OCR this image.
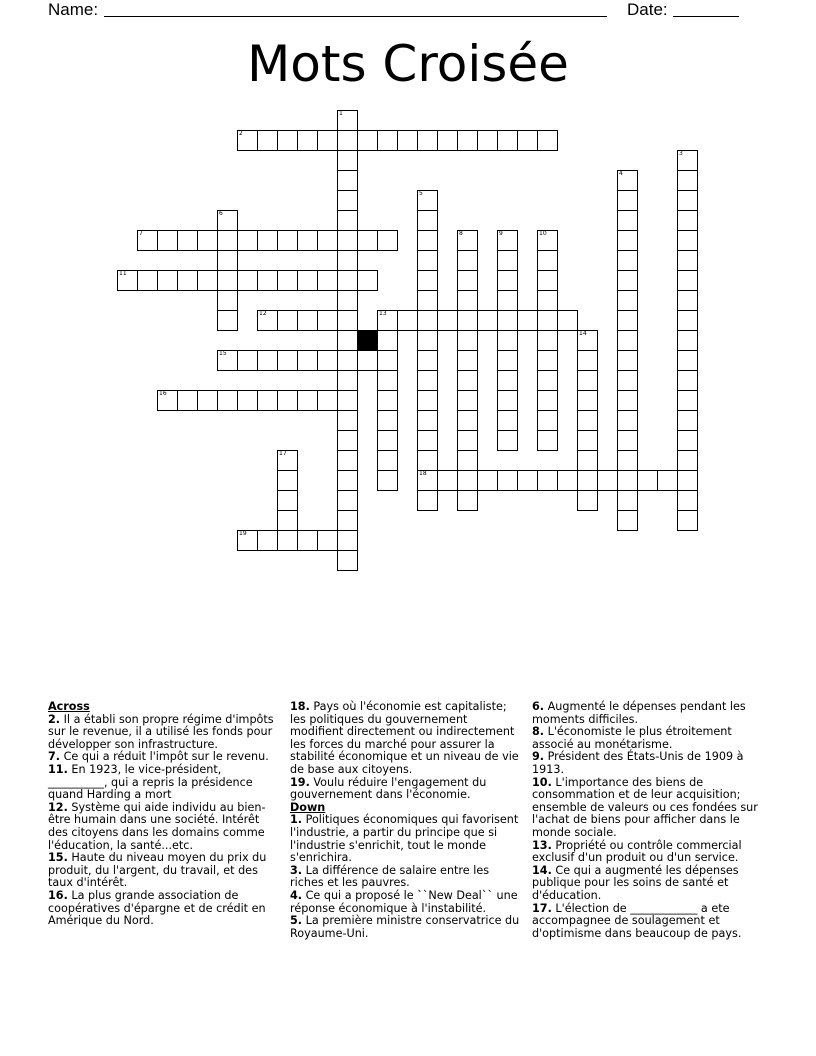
Name:	Date:
Mots Croisée
1
2
3
4
5
6
7	8	9	10
11
12	13
14
15
16
17
18
19
Across

2. Il a établi son propre régime d'impôts sur le revenue, il a utilisé les fonds pour développer son infrastructure.

7. Ce qui a réduit l'impôt sur le revenu.

11. En 1923, le vice-président, __________, qui a repris la présidence quand Harding a mort

12. Système qui aide individu au bien-être humain dans une société. Intérêt des citoyens dans les domains comme l'éducation, la santé...etc.

15. Haute du niveau moyen du prix du produit, du l'argent, du travail, et des taux d'intérêt.

16. La plus grande association de coopératives d'épargne et de crédit en Amérique du Nord.

18. Pays où l'économie est capitaliste; les politiques du gouvernement modifient directement ou indirectement les forces du marché pour assurer la stabilité économique et un niveau de vie de base aux citoyens.

19. Voulu réduire l'engagement du gouvernement dans l'économie.

Down

1. Politiques économiques qui favorisent l'industrie, a partir du principe que si l'industrie s'enrichit, tout le monde s'enrichira.

3. La différence de salaire entre les riches et les pauvres.

4. Ce qui a proposé le ``New Deal`` une réponse économique à l'instabilité.

5. La première ministre conservatrice du Royaume-Uni.

6. Augmenté le dépenses pendant les moments difficiles.

8. L'économiste le plus étroitement associé au monétarisme.

9. Président des États-Unis de 1909 à 1913.

10. L'importance des biens de consommation et de leur acquisition; ensemble de valeurs ou ces fondées sur l'achat de biens pour afficher dans le monde sociale.

13. Propriété ou contrôle commercial exclusif d'un produit ou d'un service.

14. Ce qui a augmenté les dépenses publique pour les soins de santé et d'éducation.

17. L'élection de ____________ a ete accompagnee de soulagement et d'optimisme dans beaucoup de pays.
